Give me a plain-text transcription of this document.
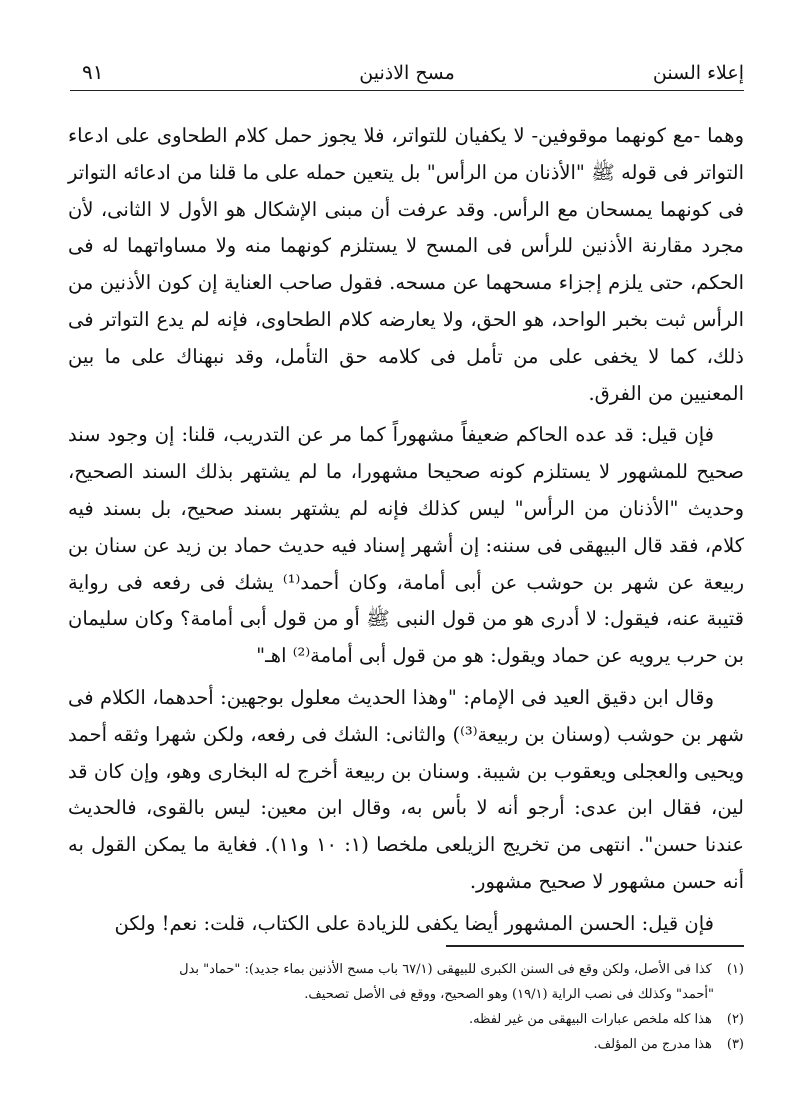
إعلاء السنن
مسح الاذنين
٩١

وهما -مع كونهما موقوفين- لا يكفيان للتواتر، فلا يجوز حمل كلام الطحاوى على ادعاء التواتر فى قوله ﷺ "الأذنان من الرأس" بل يتعين حمله على ما قلنا من ادعائه التواتر فى كونهما يمسحان مع الرأس. وقد عرفت أن مبنى الإشكال هو الأول لا الثانى، لأن مجرد مقارنة الأذنين للرأس فى المسح لا يستلزم كونهما منه ولا مساواتهما له فى الحكم، حتى يلزم إجزاء مسحهما عن مسحه. فقول صاحب العناية إن كون الأذنين من الرأس ثبت بخبر الواحد، هو الحق، ولا يعارضه كلام الطحاوى، فإنه لم يدع التواتر فى ذلك، كما لا يخفى على من تأمل فى كلامه حق التأمل، وقد نبهناك على ما بين المعنيين من الفرق.

فإن قيل: قد عده الحاكم ضعيفاً مشهوراً كما مر عن التدريب، قلنا: إن وجود سند صحيح للمشهور لا يستلزم كونه صحيحا مشهورا، ما لم يشتهر بذلك السند الصحيح، وحديث "الأذنان من الرأس" ليس كذلك فإنه لم يشتهر بسند صحيح، بل بسند فيه كلام، فقد قال البيهقى فى سننه: إن أشهر إسناد فيه حديث حماد بن زيد عن سنان بن ربيعة عن شهر بن حوشب عن أبى أمامة، وكان أحمد⁽¹⁾ يشك فى رفعه فى رواية قتيبة عنه، فيقول: لا أدرى هو من قول النبى ﷺ أو من قول أبى أمامة؟ وكان سليمان بن حرب يرويه عن حماد ويقول: هو من قول أبى أمامة⁽²⁾ اهـ"

وقال ابن دقيق العيد فى الإمام: "وهذا الحديث معلول بوجهين: أحدهما، الكلام فى شهر بن حوشب (وسنان بن ربيعة⁽³⁾) والثانى: الشك فى رفعه، ولكن شهرا وثقه أحمد ويحيى والعجلى ويعقوب بن شيبة. وسنان بن ربيعة أخرج له البخارى وهو، وإن كان قد لين، فقال ابن عدى: أرجو أنه لا بأس به، وقال ابن معين: ليس بالقوى، فالحديث عندنا حسن". انتهى من تخريج الزيلعى ملخصا (١: ١٠ و١١). فغاية ما يمكن القول به أنه حسن مشهور لا صحيح مشهور.

فإن قيل: الحسن المشهور أيضا يكفى للزيادة على الكتاب، قلت: نعم! ولكن

(١) كذا فى الأصل، ولكن وقع فى السنن الكبرى للبيهقى (٦٧/١ باب مسح الأذنين بماء جديد): "حماد" بدل

"أحمد" وكذلك فى نصب الراية (١٩/١) وهو الصحيح، ووقع فى الأصل تصحيف.

(٢) هذا كله ملخص عبارات البيهقى من غير لفظه.

(٣) هذا مدرج من المؤلف.
